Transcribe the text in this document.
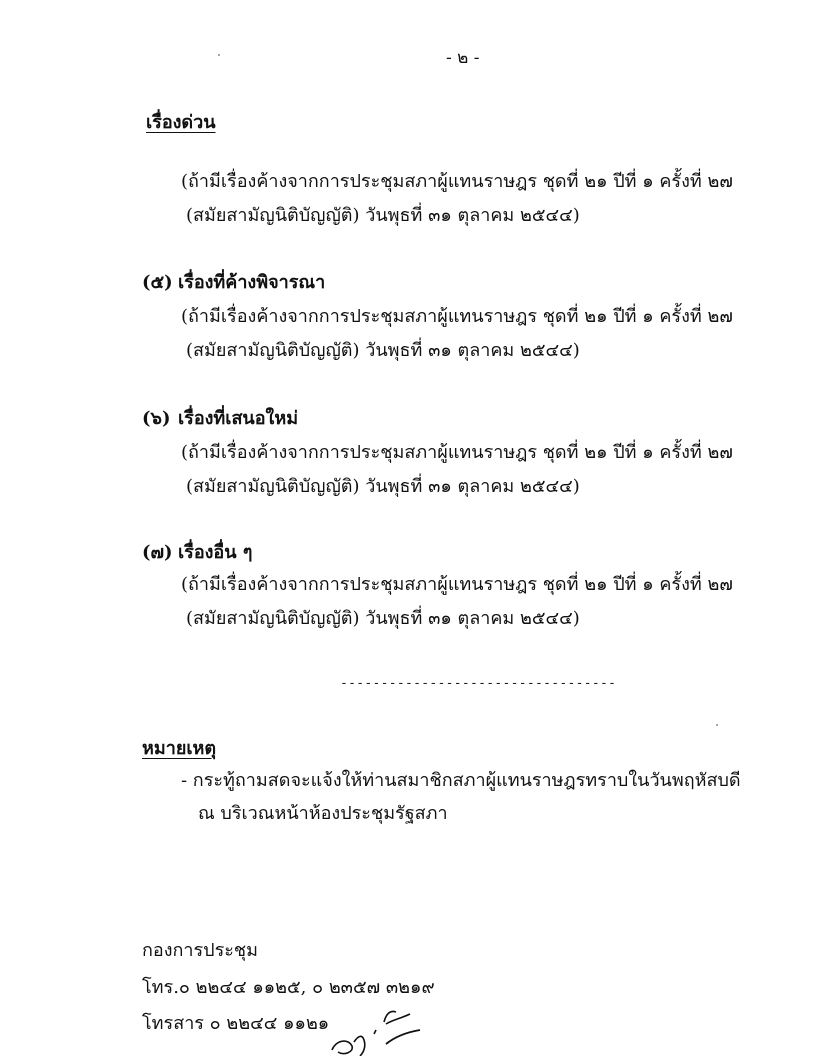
- ๒ -
เรื่องด่วน
(ถ้ามีเรื่องค้างจากการประชุมสภาผู้แทนราษฎร ชุดที่ ๒๑ ปีที่ ๑ ครั้งที่ ๒๗
(สมัยสามัญนิติบัญญัติ) วันพุธที่ ๓๑ ตุลาคม ๒๕๔๔)
(๕) เรื่องที่ค้างพิจารณา
(ถ้ามีเรื่องค้างจากการประชุมสภาผู้แทนราษฎร ชุดที่ ๒๑ ปีที่ ๑ ครั้งที่ ๒๗
(สมัยสามัญนิติบัญญัติ) วันพุธที่ ๓๑ ตุลาคม ๒๕๔๔)
(๖) เรื่องที่เสนอใหม่
(ถ้ามีเรื่องค้างจากการประชุมสภาผู้แทนราษฎร ชุดที่ ๒๑ ปีที่ ๑ ครั้งที่ ๒๗
(สมัยสามัญนิติบัญญัติ) วันพุธที่ ๓๑ ตุลาคม ๒๕๔๔)
(๗) เรื่องอื่น ๆ
(ถ้ามีเรื่องค้างจากการประชุมสภาผู้แทนราษฎร ชุดที่ ๒๑ ปีที่ ๑ ครั้งที่ ๒๗
(สมัยสามัญนิติบัญญัติ) วันพุธที่ ๓๑ ตุลาคม ๒๕๔๔)
----------------------------------
หมายเหตุ
- กระทู้ถามสดจะแจ้งให้ท่านสมาชิกสภาผู้แทนราษฎรทราบในวันพฤหัสบดี
ณ บริเวณหน้าห้องประชุมรัฐสภา
กองการประชุม
โทร.๐ ๒๒๔๔ ๑๑๒๕, ๐ ๒๓๕๗ ๓๒๑๙
โทรสาร ๐ ๒๒๔๔ ๑๑๒๑
